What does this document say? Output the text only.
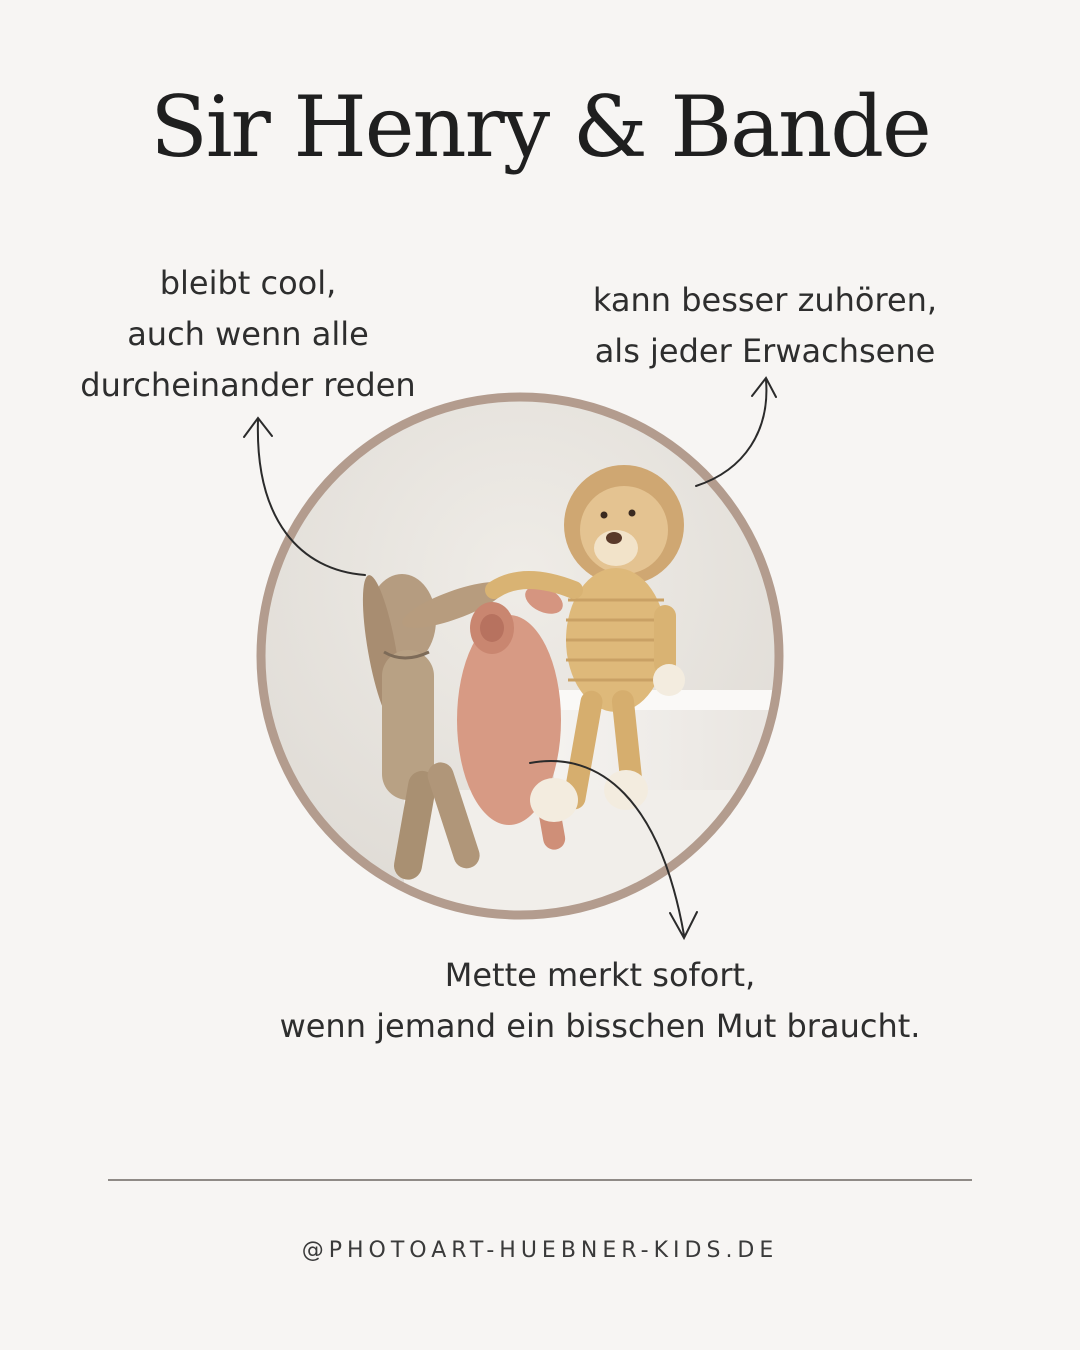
Sir Henry & Bande
bleibt cool,
auch wenn alle
durcheinander reden
kann besser zuhören,
als jeder Erwachsene
Mette merkt sofort,
wenn jemand ein bisschen Mut braucht.
@PHOTOART-HUEBNER-KIDS.DE
